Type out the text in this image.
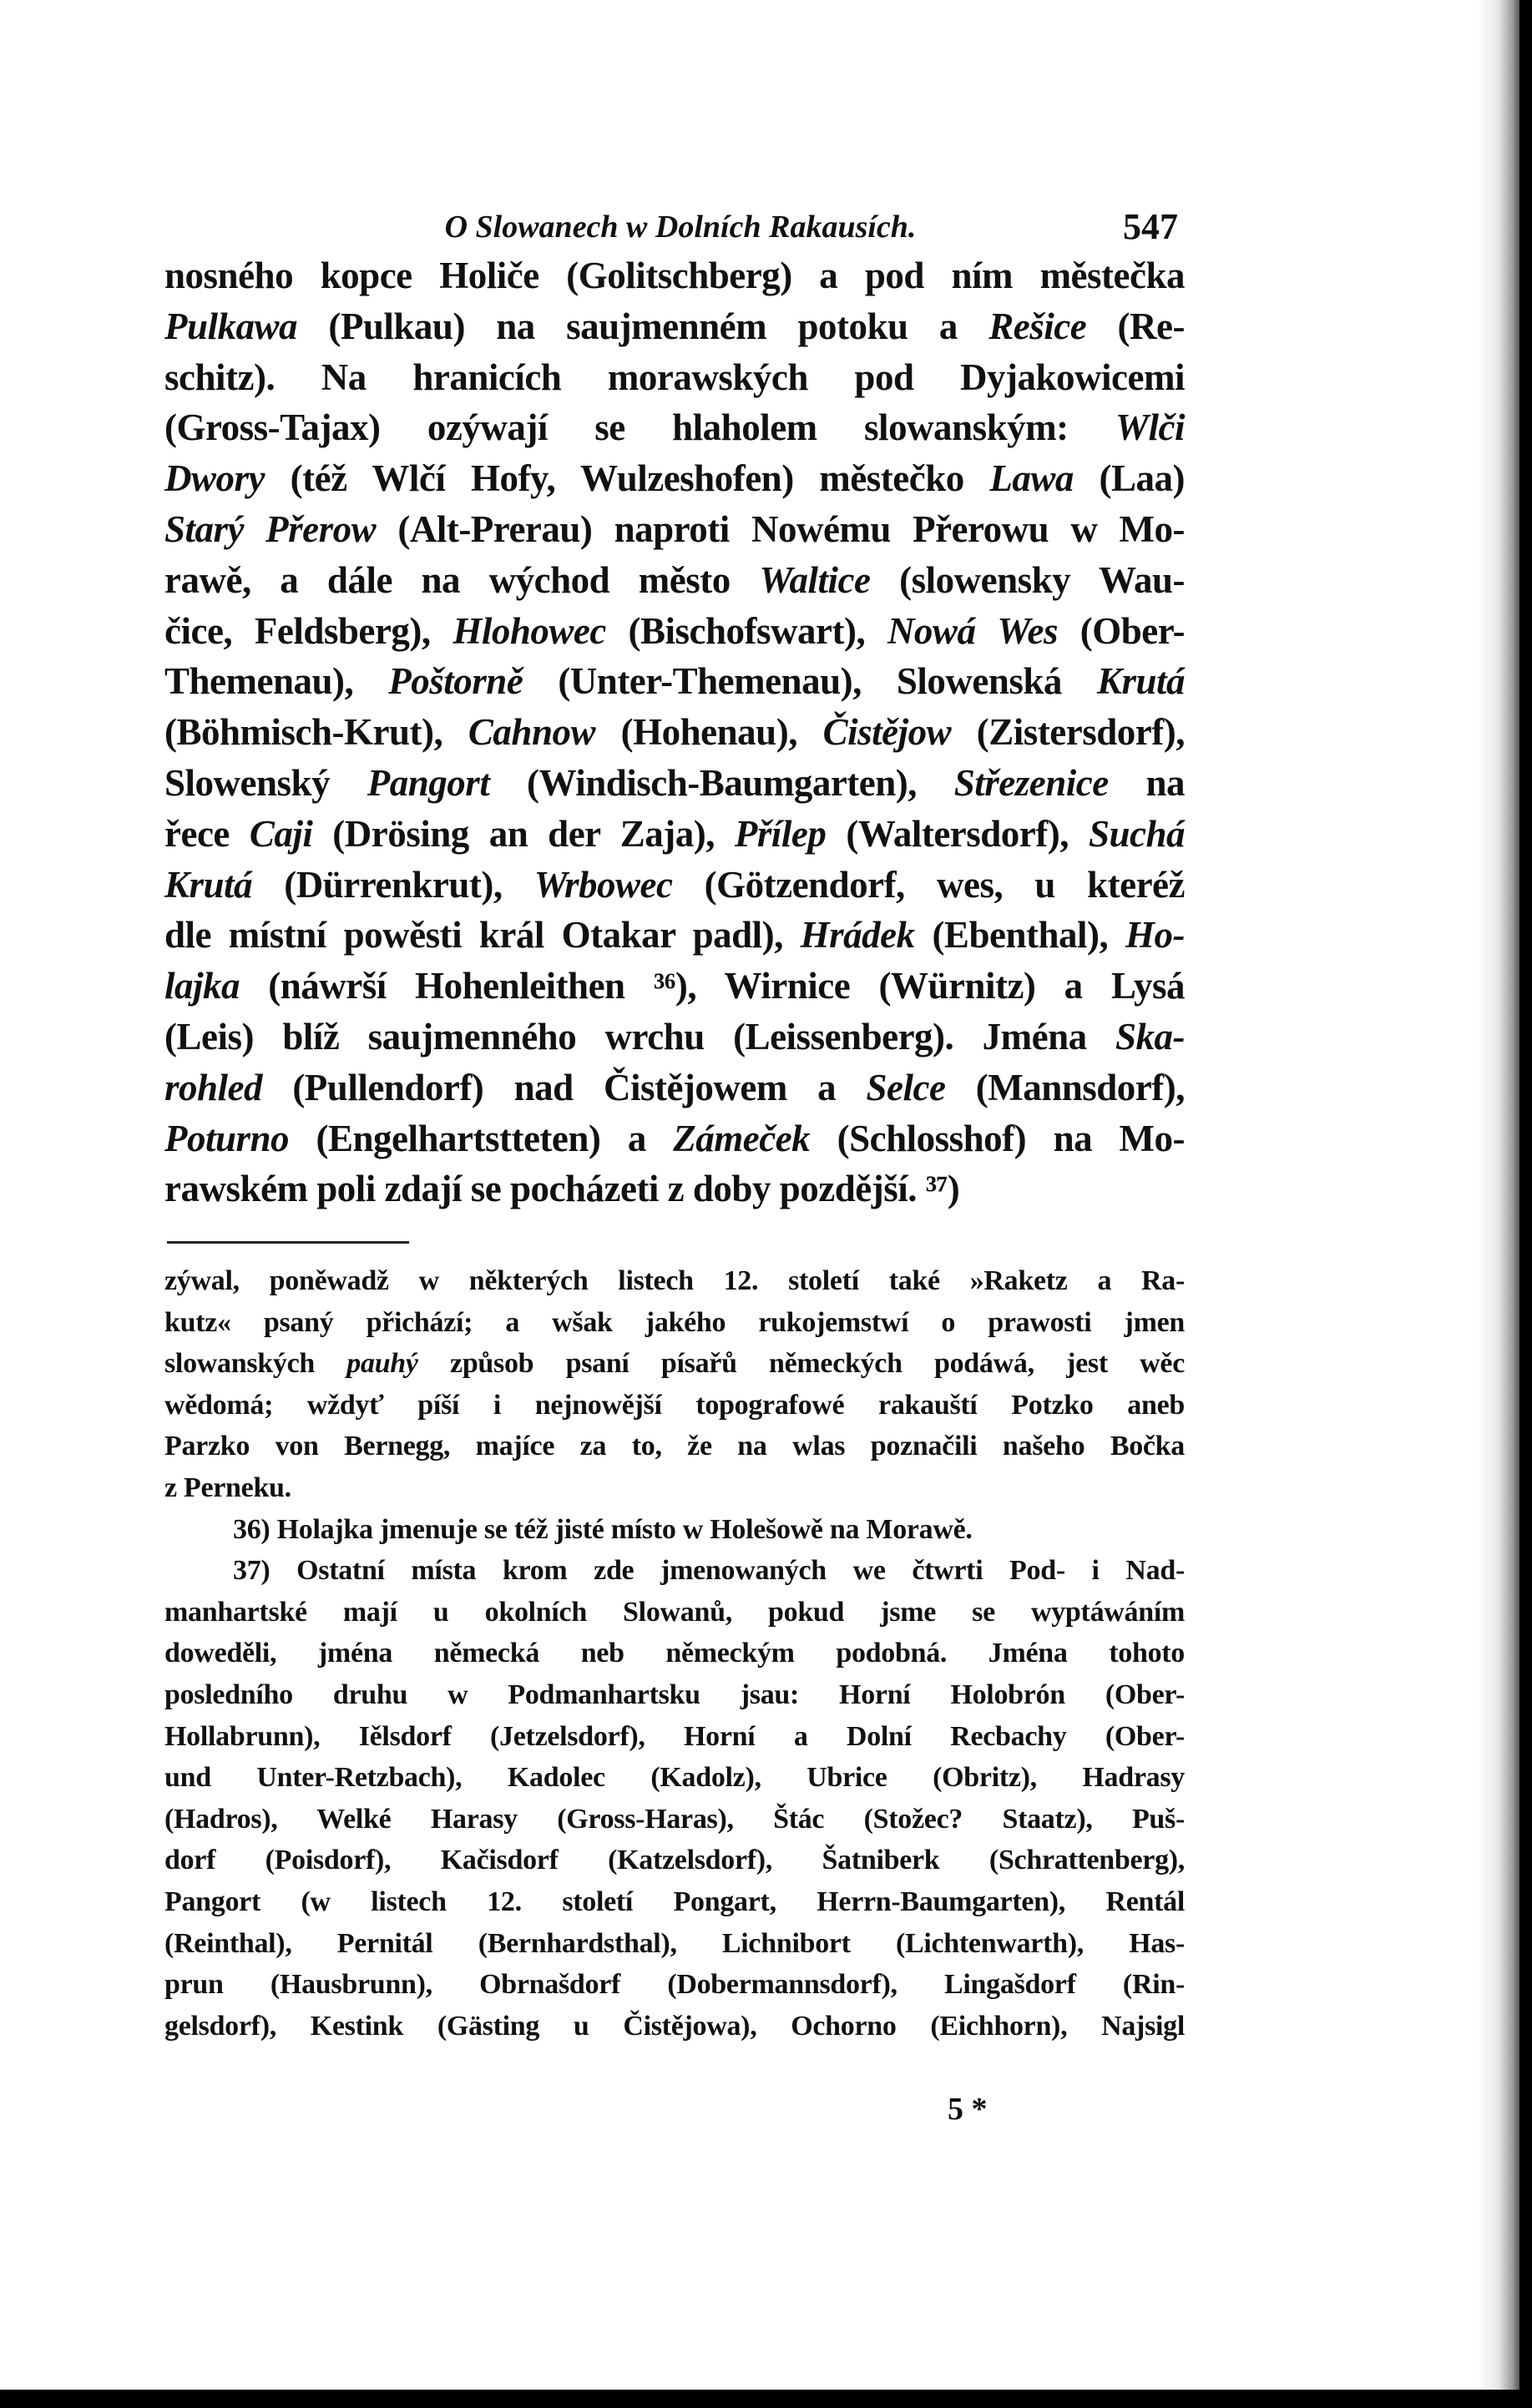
O Slowanech w Dolních Rakausích.	547
nosného kopce Holiče (Golitschberg) a pod ním městečka
Pulkawa (Pulkau) na saujmenném potoku a Rešice (Re-
schitz). Na hranicích morawských pod Dyjakowicemi
(Gross-Tajax) ozýwají se hlaholem slowanským: Wlči
Dwory (též Wlčí Hofy, Wulzeshofen) městečko Lawa (Laa)
Starý Přerow (Alt-Prerau) naproti Nowému Přerowu w Mo-
rawě, a dále na wýchod město Waltice (slowensky Wau-
čice, Feldsberg), Hlohowec (Bischofswart), Nowá Wes (Ober-
Themenau), Poštorně (Unter-Themenau), Slowenská Krutá
(Böhmisch-Krut), Cahnow (Hohenau), Čistějow (Zistersdorf),
Slowenský Pangort (Windisch-Baumgarten), Střezenice na
řece Caji (Drösing an der Zaja), Přílep (Waltersdorf), Suchá
Krutá (Dürrenkrut), Wrbowec (Götzendorf, wes, u kteréž
dle místní powěsti král Otakar padl), Hrádek (Ebenthal), Ho-
lajka (náwrší Hohenleithen ³⁶), Wirnice (Würnitz) a Lysá
(Leis) blíž saujmenného wrchu (Leissenberg). Jména Ska-
rohled (Pullendorf) nad Čistějowem a Selce (Mannsdorf),
Poturno (Engelhartstteten) a Zámeček (Schlosshof) na Mo-
rawském poli zdají se pocházeti z doby pozdější. ³⁷)
zýwal, poněwadž w některých listech 12. století také »Raketz a Ra-
kutz« psaný přichází; a wšak jakého rukojemstwí o prawosti jmen
slowanských pauhý způsob psaní písařů německých podáwá, jest wěc
wědomá; wždyť píší i nejnowější topografowé rakauští Potzko aneb
Parzko von Bernegg, majíce za to, že na wlas poznačili našeho Bočka
z Perneku.
36) Holajka jmenuje se též jisté místo w Holešowě na Morawě.
37) Ostatní místa krom zde jmenowaných we čtwrti Pod- i Nad-
manhartské mají u okolních Slowanů, pokud jsme se wyptáwáním
doweděli, jména německá neb německým podobná. Jména tohoto
posledního druhu w Podmanhartsku jsau: Horní Holobrón (Ober-
Hollabrunn), Iělsdorf (Jetzelsdorf), Horní a Dolní Recbachy (Ober-
und Unter-Retzbach), Kadolec (Kadolz), Ubrice (Obritz), Hadrasy
(Hadros), Welké Harasy (Gross-Haras), Štác (Stožec? Staatz), Puš-
dorf (Poisdorf), Kačisdorf (Katzelsdorf), Šatniberk (Schrattenberg),
Pangort (w listech 12. století Pongart, Herrn-Baumgarten), Rentál
(Reinthal), Pernitál (Bernhardsthal), Lichnibort (Lichtenwarth), Has-
prun (Hausbrunn), Obrnašdorf (Dobermannsdorf), Lingašdorf (Rin-
gelsdorf), Kestink (Gästing u Čistějowa), Ochorno (Eichhorn), Najsigl
5 *
